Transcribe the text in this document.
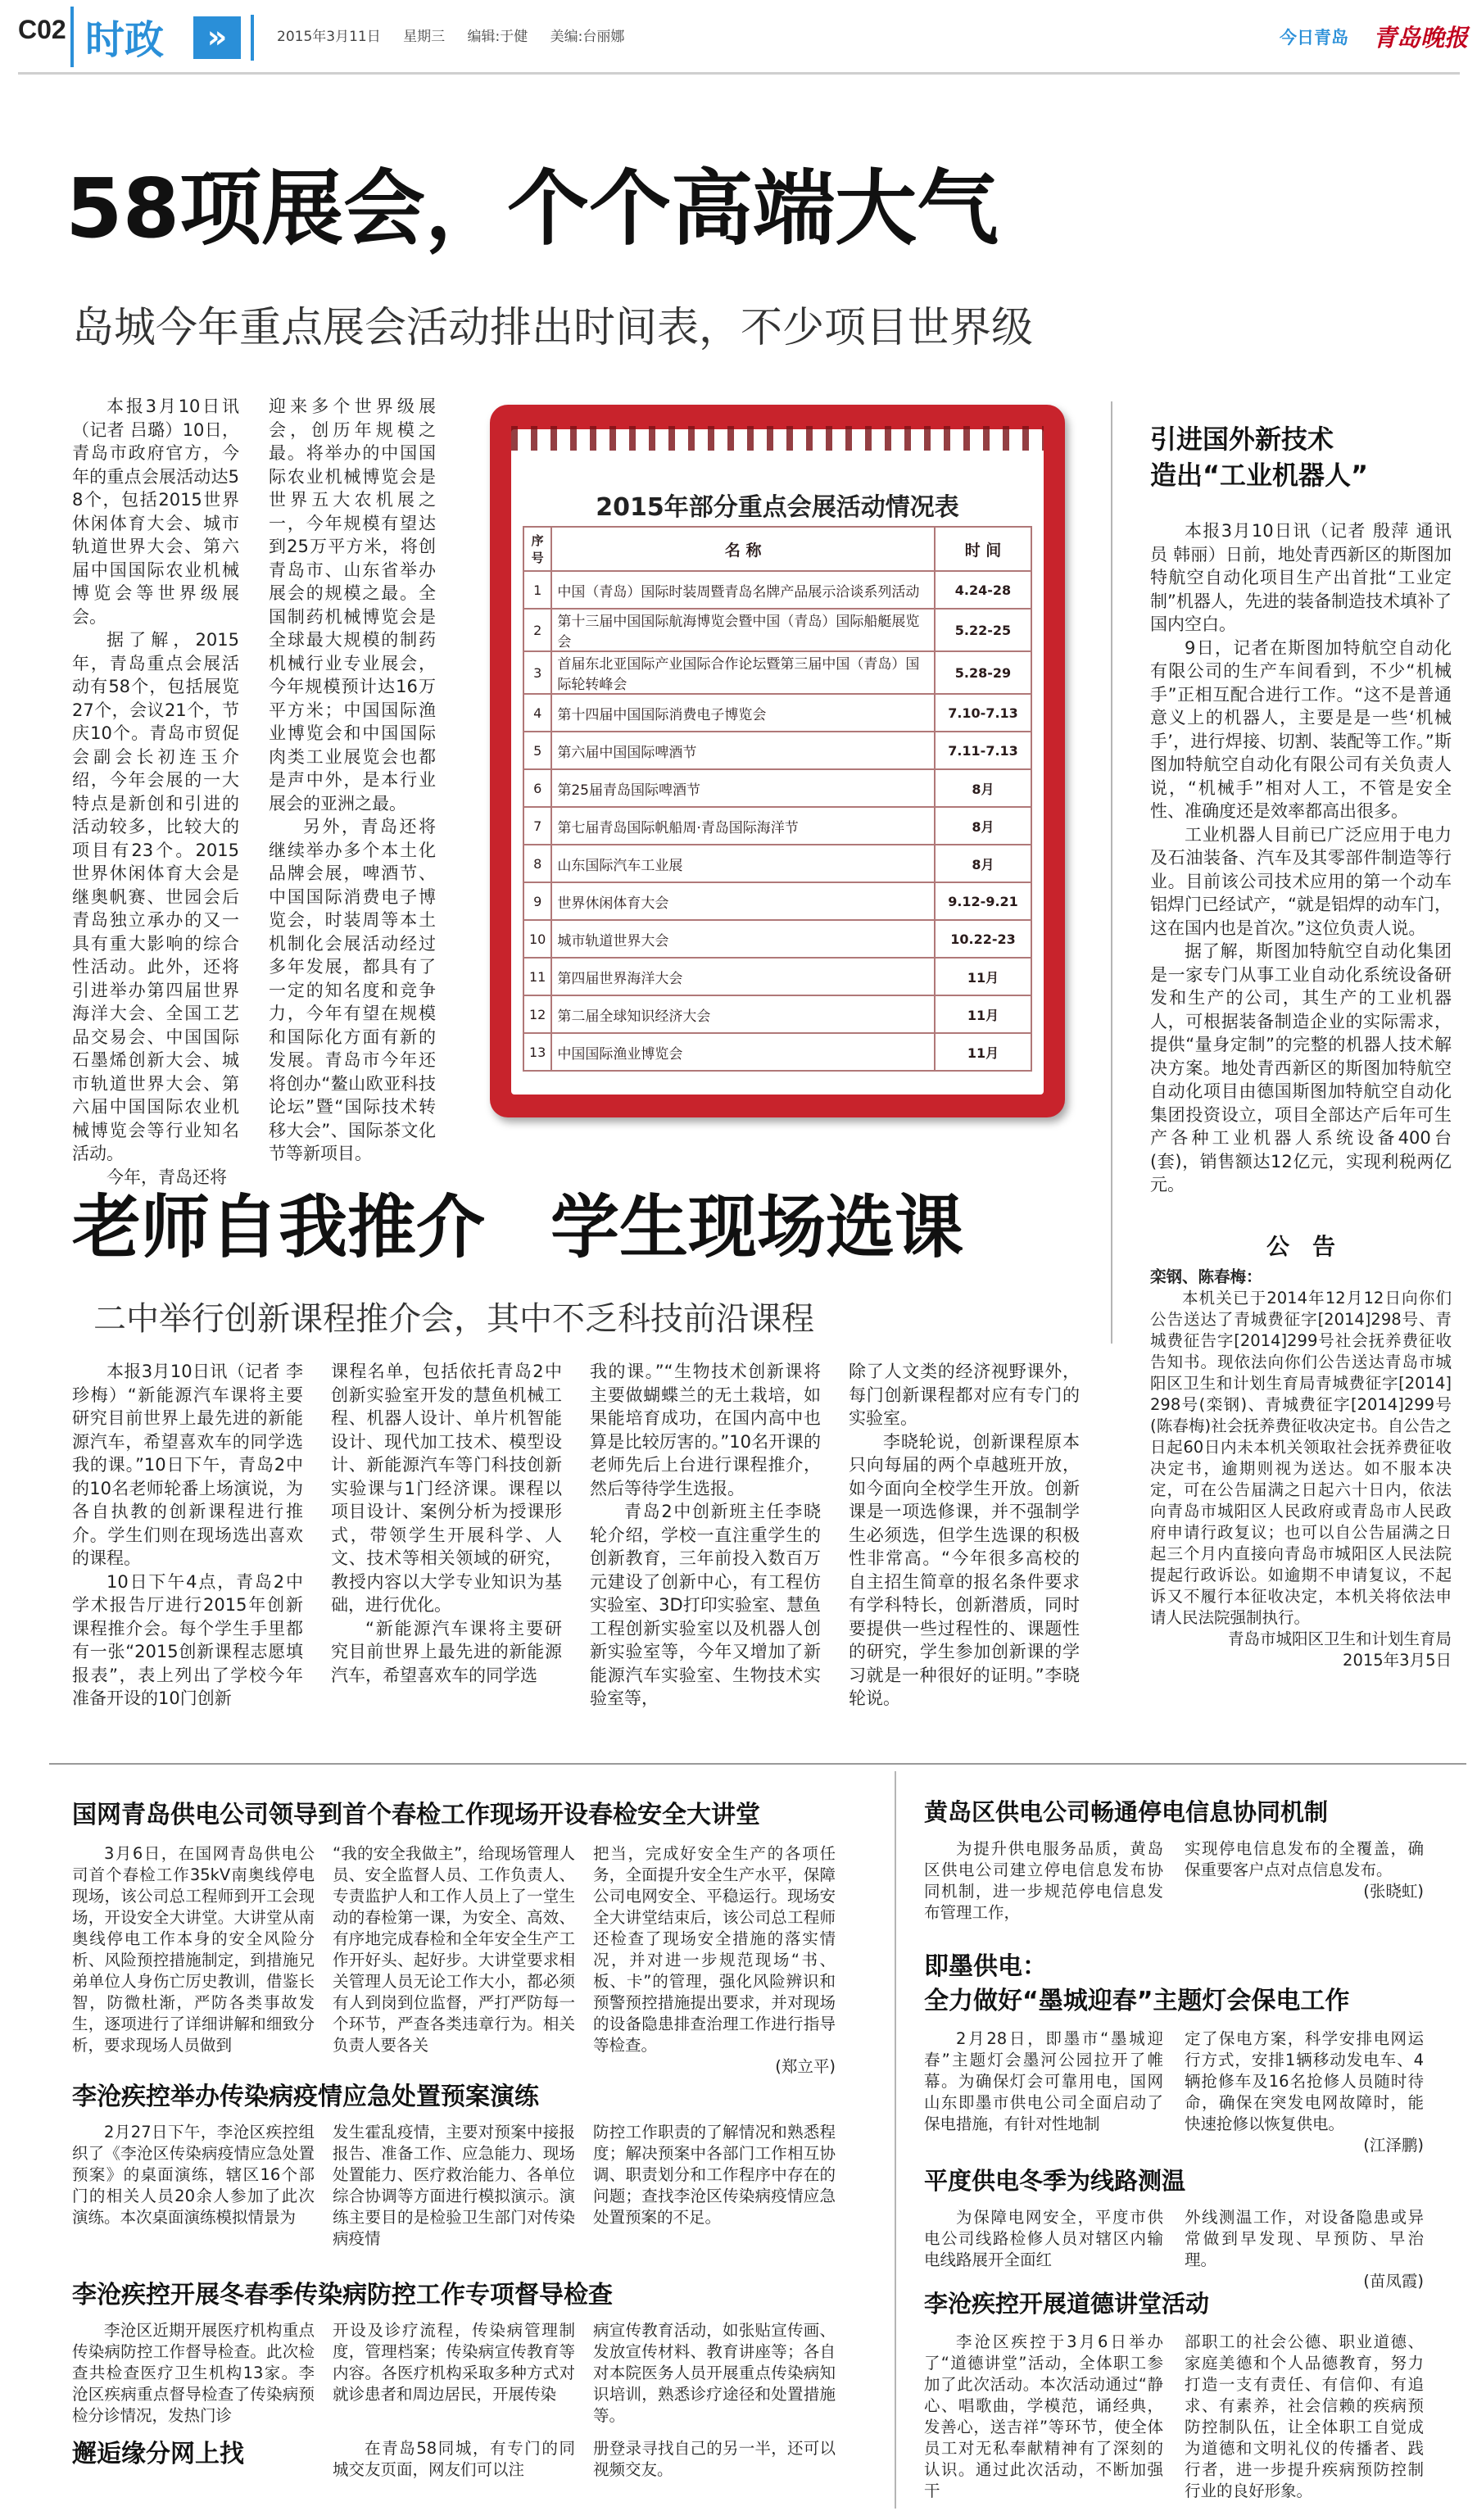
C02 时政	»	2015年3月11日 星期三 编辑:于健 美编:台丽娜	今日青岛 青岛晚报
58项展会，个个高端大气
岛城今年重点展会活动排出时间表，不少项目世界级

本报3月10日讯（记者 吕璐）10日，青岛市政府官方，今年的重点会展活动达58个，包括2015世界休闲体育大会、城市轨道世界大会、第六届中国国际农业机械博览会等世界级展会。

据了解，2015年，青岛重点会展活动有58个，包括展览27个，会议21个，节庆10个。青岛市贸促会副会长初连玉介绍，今年会展的一大特点是新创和引进的活动较多，比较大的项目有23个。2015世界休闲体育大会是继奥帆赛、世园会后青岛独立承办的又一具有重大影响的综合性活动。此外，还将引进举办第四届世界海洋大会、全国工艺品交易会、中国国际石墨烯创新大会、城市轨道世界大会、第六届中国国际农业机械博览会等行业知名活动。

今年，青岛还将

迎来多个世界级展会，创历年规模之最。将举办的中国国际农业机械博览会是世界五大农机展之一，今年规模有望达到25万平方米，将创青岛市、山东省举办展会的规模之最。全国制药机械博览会是全球最大规模的制药机械行业专业展会，今年规模预计达16万平方米；中国国际渔业博览会和中国国际肉类工业展览会也都是声中外，是本行业展会的亚洲之最。

另外，青岛还将继续举办多个本土化品牌会展，啤酒节、中国国际消费电子博览会，时装周等本土机制化会展活动经过多年发展，都具有了一定的知名度和竞争力，今年有望在规模和国际化方面有新的发展。青岛市今年还将创办“鳌山欧亚科技论坛”暨“国际技术转移大会”、国际茶文化节等新项目。

2015年部分重点会展活动情况表
序号	名 称	时 间
1	中国（青岛）国际时装周暨青岛名牌产品展示洽谈系列活动	4.24-28
2	第十三届中国国际航海博览会暨中国（青岛）国际船艇展览会	5.22-25
3	首届东北亚国际产业国际合作论坛暨第三届中国（青岛）国际轮转峰会	5.28-29
4	第十四届中国国际消费电子博览会	7.10-7.13
5	第六届中国国际啤酒节	7.11-7.13
6	第25届青岛国际啤酒节	8月
7	第七届青岛国际帆船周·青岛国际海洋节	8月
8	山东国际汽车工业展	8月
9	世界休闲体育大会	9.12-9.21
10	城市轨道世界大会	10.22-23
11	第四届世界海洋大会	11月
12	第二届全球知识经济大会	11月
13	中国国际渔业博览会	11月
引进国外新技术
造出“工业机器人”

本报3月10日讯（记者 殷萍 通讯员 韩丽）日前，地处青西新区的斯图加特航空自动化项目生产出首批“工业定制”机器人，先进的装备制造技术填补了国内空白。

9日，记者在斯图加特航空自动化有限公司的生产车间看到，不少“机械手”正相互配合进行工作。“这不是普通意义上的机器人，主要是是一些‘机械手’，进行焊接、切割、装配等工作。”斯图加特航空自动化有限公司有关负责人说，“机械手”相对人工，不管是安全性、准确度还是效率都高出很多。

工业机器人目前已广泛应用于电力及石油装备、汽车及其零部件制造等行业。目前该公司技术应用的第一个动车铝焊门已经试产，“就是铝焊的动车门，这在国内也是首次。”这位负责人说。

据了解，斯图加特航空自动化集团是一家专门从事工业自动化系统设备研发和生产的公司，其生产的工业机器人，可根据装备制造企业的实际需求，提供“量身定制”的完整的机器人技术解决方案。地处青西新区的斯图加特航空自动化项目由德国斯图加特航空自动化集团投资设立，项目全部达产后年可生产各种工业机器人系统设备400台(套)，销售额达12亿元，实现利税两亿元。

公　告
栾钢、陈春梅：

本机关已于2014年12月12日向你们公告送达了青城费征字[2014]298号、青城费征告字[2014]299号社会抚养费征收告知书。现依法向你们公告送达青岛市城阳区卫生和计划生育局青城费征字[2014]298号(栾钢)、青城费征字[2014]299号(陈春梅)社会抚养费征收决定书。自公告之日起60日内未本机关领取社会抚养费征收决定书，逾期则视为送达。如不服本决定，可在公告届满之日起六十日内，依法向青岛市城阳区人民政府或青岛市人民政府申请行政复议；也可以自公告届满之日起三个月内直接向青岛市城阳区人民法院提起行政诉讼。如逾期不申请复议，不起诉又不履行本征收决定，本机关将依法申请人民法院强制执行。

青岛市城阳区卫生和计划生育局
2015年3月5日
老师自我推介 学生现场选课
二中举行创新课程推介会，其中不乏科技前沿课程

本报3月10日讯（记者 李珍梅）“新能源汽车课将主要研究目前世界上最先进的新能源汽车，希望喜欢车的同学选我的课。”10日下午，青岛2中的10名老师轮番上场演说，为各自执教的创新课程进行推介。学生们则在现场选出喜欢的课程。

10日下午4点，青岛2中学术报告厅进行2015年创新课程推介会。每个学生手里都有一张“2015创新课程志愿填报表”，表上列出了学校今年准备开设的10门创新

课程名单，包括依托青岛2中创新实验室开发的慧鱼机械工程、机器人设计、单片机智能设计、现代加工技术、模型设计、新能源汽车等门科技创新实验课与1门经济课。课程以项目设计、案例分析为授课形式，带领学生开展科学、人文、技术等相关领域的研究，教授内容以大学专业知识为基础，进行优化。

“新能源汽车课将主要研究目前世界上最先进的新能源汽车，希望喜欢车的同学选

我的课。”“生物技术创新课将主要做蝴蝶兰的无土栽培，如果能培育成功，在国内高中也算是比较厉害的。”10名开课的老师先后上台进行课程推介，然后等待学生选报。

青岛2中创新班主任李晓轮介绍，学校一直注重学生的创新教育，三年前投入数百万元建设了创新中心，有工程仿实验室、3D打印实验室、慧鱼工程创新实验室以及机器人创新实验室等，今年又增加了新能源汽车实验室、生物技术实验室等，

除了人文类的经济视野课外，每门创新课程都对应有专门的实验室。

李晓轮说，创新课程原本只向每届的两个卓越班开放，如今面向全校学生开放。创新课是一项选修课，并不强制学生必须选，但学生选课的积极性非常高。“今年很多高校的自主招生简章的报名条件要求有学科特长，创新潜质，同时要提供一些过程性的、课题性的研究，学生参加创新课的学习就是一种很好的证明。”李晓轮说。

国网青岛供电公司领导到首个春检工作现场开设春检安全大讲堂

3月6日，在国网青岛供电公司首个春检工作35kV南奥线停电现场，该公司总工程师到开工会现场，开设安全大讲堂。大讲堂从南奥线停电工作本身的安全风险分析、风险预控措施制定，到措施兄弟单位人身伤亡厉史教训，借鉴长智，防微杜渐，严防各类事故发生，逐项进行了详细讲解和细致分析，要求现场人员做到

“我的安全我做主”，给现场管理人员、安全监督人员、工作负责人、专责监护人和工作人员上了一堂生动的春检第一课，为安全、高效、有序地完成春检和全年安全生产工作开好头、起好步。大讲堂要求相关管理人员无论工作大小，都必须有人到岗到位监督，严打严防每一个环节，严查各类违章行为。相关负责人要各关

把当，完成好安全生产的各项任务，全面提升安全生产水平，保障公司电网安全、平稳运行。现场安全大讲堂结束后，该公司总工程师还检查了现场安全措施的落实情况，并对进一步规范现场“书、板、卡”的管理，强化风险辨识和预警预控措施提出要求，并对现场的设备隐患排查治理工作进行指导等检查。

(郑立平)
李沧疾控举办传染病疫情应急处置预案演练

2月27日下午，李沧区疾控组织了《李沧区传染病疫情应急处置预案》的桌面演练，辖区16个部门的相关人员20余人参加了此次演练。本次桌面演练模拟情景为

发生霍乱疫情，主要对预案中接报报告、准备工作、应急能力、现场处置能力、医疗救治能力、各单位综合协调等方面进行模拟演示。演练主要目的是检验卫生部门对传染病疫情

防控工作职责的了解情况和熟悉程度；解决预案中各部门工作相互协调、职责划分和工作程序中存在的问题；查找李沧区传染病疫情应急处置预案的不足。

李沧疾控开展冬春季传染病防控工作专项督导检查

李沧区近期开展医疗机构重点传染病防控工作督导检查。此次检查共检查医疗卫生机构13家。李沧区疾病重点督导检查了传染病预检分诊情况，发热门诊

开设及诊疗流程，传染病管理制度，管理档案；传染病宣传教育等内容。各医疗机构采取多种方式对就诊患者和周边居民，开展传染

病宣传教育活动，如张贴宣传画、发放宣传材料、教育讲座等；各自对本院医务人员开展重点传染病知识培训，熟悉诊疗途径和处置措施等。

邂逅缘分网上找	在青岛58同城，有专门的同城交友页面，网友们可以注

册登录寻找自己的另一半，还可以视频交友。

黄岛区供电公司畅通停电信息协同机制

为提升供电服务品质，黄岛区供电公司建立停电信息发布协同机制，进一步规范停电信息发布管理工作，

实现停电信息发布的全覆盖，确保重要客户点对点信息发布。

(张晓虹)
即墨供电：
全力做好“墨城迎春”主题灯会保电工作

2月28日，即墨市“墨城迎春”主题灯会墨河公园拉开了帷幕。为确保灯会可靠用电，国网山东即墨市供电公司全面启动了保电措施，有针对性地制

定了保电方案，科学安排电网运行方式，安排1辆移动发电车、4辆抢修车及16名抢修人员随时待命，确保在突发电网故障时，能快速抢修以恢复供电。

(江泽鹏)
平度供电冬季为线路测温

为保障电网安全，平度市供电公司线路检修人员对辖区内输电线路展开全面红

外线测温工作，对设备隐患或异常做到早发现、早预防、早治理。

(苗凤霞)
李沧疾控开展道德讲堂活动

李沧区疾控于3月6日举办了“道德讲堂”活动，全体职工参加了此次活动。本次活动通过“静心、唱歌曲，学模范，诵经典，发善心，送吉祥”等环节，使全体员工对无私奉献精神有了深刻的认识。通过此次活动，不断加强干

部职工的社会公德、职业道德、家庭美德和个人品德教育，努力打造一支有责任、有信仰、有追求、有素养，社会信赖的疾病预防控制队伍，让全体职工自觉成为道德和文明礼仪的传播者、践行者，进一步提升疾病预防控制行业的良好形象。
